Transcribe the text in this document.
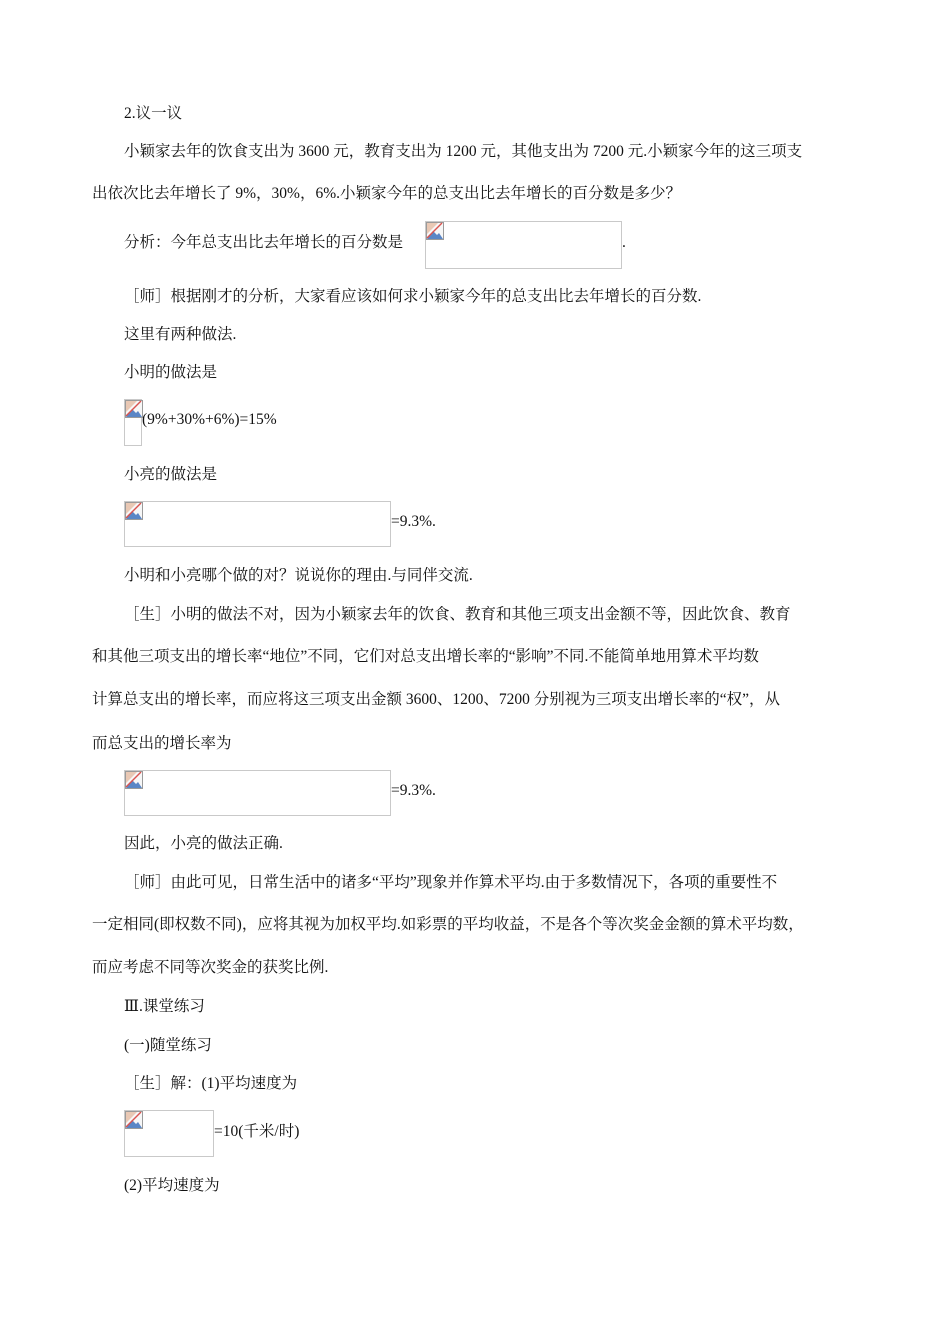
2.议一议
小颖家去年的饮食支出为 3600 元，教育支出为 1200 元，其他支出为 7200 元.小颖家今年的这三项支
出依次比去年增长了 9%，30%，6%.小颖家今年的总支出比去年增长的百分数是多少？
分析：今年总支出比去年增长的百分数是	.
［师］根据刚才的分析，大家看应该如何求小颖家今年的总支出比去年增长的百分数.
这里有两种做法.
小明的做法是
(9%+30%+6%)=15%
小亮的做法是
=9.3%.
小明和小亮哪个做的对？说说你的理由.与同伴交流.
［生］小明的做法不对，因为小颖家去年的饮食、教育和其他三项支出金额不等，因此饮食、教育
和其他三项支出的增长率“地位”不同，它们对总支出增长率的“影响”不同.不能简单地用算术平均数
计算总支出的增长率，而应将这三项支出金额 3600、1200、7200 分别视为三项支出增长率的“权”，从
而总支出的增长率为
=9.3%.
因此，小亮的做法正确.
［师］由此可见，日常生活中的诸多“平均”现象并作算术平均.由于多数情况下，各项的重要性不
一定相同(即权数不同)，应将其视为加权平均.如彩票的平均收益，不是各个等次奖金金额的算术平均数，
而应考虑不同等次奖金的获奖比例.
Ⅲ.课堂练习
(一)随堂练习
［生］解：(1)平均速度为
=10(千米/时)
(2)平均速度为
